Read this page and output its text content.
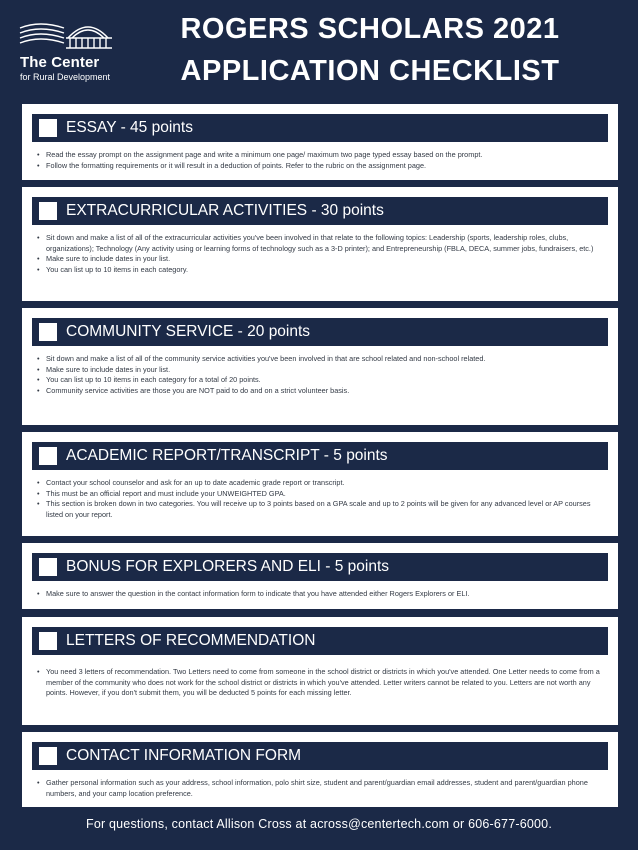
The Center
for Rural Development
ROGERS SCHOLARS 2021
APPLICATION CHECKLIST
ESSAY - 45 points
• Read the essay prompt on the assignment page and write a minimum one page/ maximum two page typed essay based on the prompt.
• Follow the formatting requirements or it will result in a deduction of points. Refer to the rubric on the assignment page.
EXTRACURRICULAR ACTIVITIES - 30 points
• Sit down and make a list of all of the extracurricular activities you've been involved in that relate to the following topics: Leadership (sports, leadership roles, clubs, organizations); Technology (Any activity using or learning forms of technology such as a 3-D printer); and Entrepreneurship (FBLA, DECA, summer jobs, fundraisers, etc.)
• Make sure to include dates in your list.
• You can list up to 10 items in each category.
COMMUNITY SERVICE - 20 points
• Sit down and make a list of all of the community service activities you've been involved in that are school related and non-school related.
• Make sure to include dates in your list.
• You can list up to 10 items in each category for a total of 20 points.
• Community service activities are those you are NOT paid to do and on a strict volunteer basis.
ACADEMIC REPORT/TRANSCRIPT - 5 points
• Contact your school counselor and ask for an up to date academic grade report or transcript.
• This must be an official report and must include your UNWEIGHTED GPA.
• This section is broken down in two categories. You will receive up to 3 points based on a GPA scale and up to 2 points will be given for any advanced level or AP courses listed on your report.
BONUS FOR EXPLORERS AND ELI - 5 points
• Make sure to answer the question in the contact information form to indicate that you have attended either Rogers Explorers or ELI.
LETTERS OF RECOMMENDATION
• You need 3 letters of recommendation. Two Letters need to come from someone in the school district or districts in which you've attended. One Letter needs to come from a member of the community who does not work for the school district or districts in which you've attended. Letter writers cannot be related to you. Letters are not worth any points. However, if you don't submit them, you will be deducted 5 points for each missing letter.
CONTACT INFORMATION FORM
• Gather personal information such as your address, school information, polo shirt size, student and parent/guardian email addresses, student and parent/guardian phone numbers, and your camp location preference.
For questions, contact Allison Cross at across@centertech.com or 606-677-6000.
